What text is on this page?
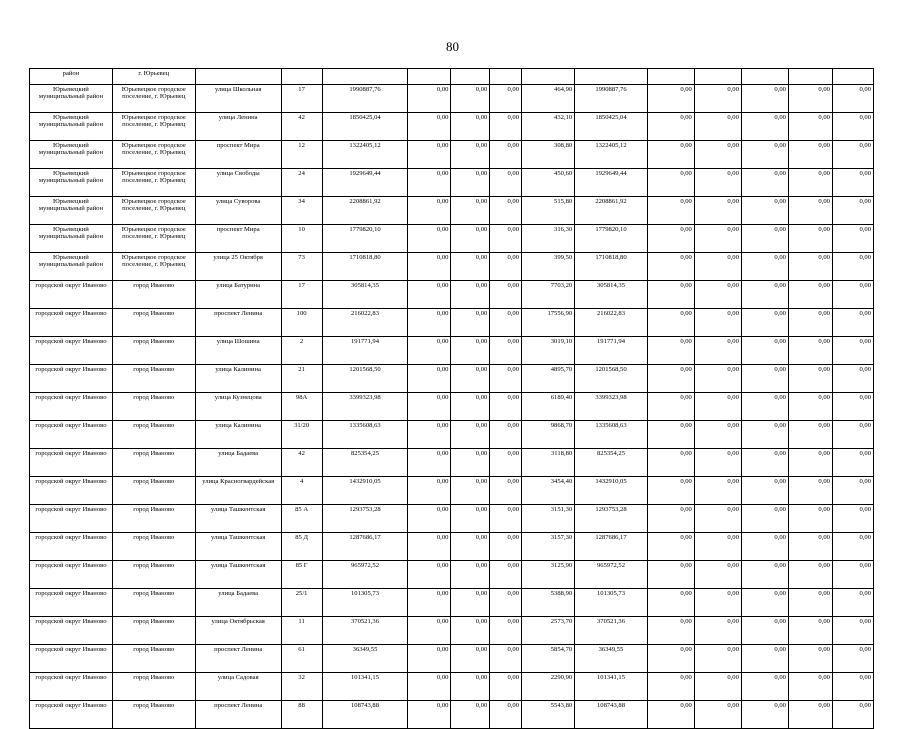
80
район	г. Юрьевец													
Юрьевецкий муниципальный район	Юрьевецкое городское поселение, г. Юрьевец	улица Школьная	17	1990887,76	0,00	0,00	0,00	464,90	1990887,76	0,00	0,00	0,00	0,00	0,00
Юрьевецкий муниципальный район	Юрьевецкое городское поселение, г. Юрьевец	улица Ленина	42	1850425,04	0,00	0,00	0,00	432,10	1850425,04	0,00	0,00	0,00	0,00	0,00
Юрьевецкий муниципальный район	Юрьевецкое городское поселение, г. Юрьевец	проспект Мира	12	1322405,12	0,00	0,00	0,00	308,80	1322405,12	0,00	0,00	0,00	0,00	0,00
Юрьевецкий муниципальный район	Юрьевецкое городское поселение, г. Юрьевец	улица Свободы	24	1929649,44	0,00	0,00	0,00	450,60	1929649,44	0,00	0,00	0,00	0,00	0,00
Юрьевецкий муниципальный район	Юрьевецкое городское поселение, г. Юрьевец	улица Суворова	34	2208861,92	0,00	0,00	0,00	515,80	2208861,92	0,00	0,00	0,00	0,00	0,00
Юрьевецкий муниципальный район	Юрьевецкое городское поселение, г. Юрьевец	проспект Мира	10	1779820,10	0,00	0,00	0,00	316,30	1779820,10	0,00	0,00	0,00	0,00	0,00
Юрьевецкий муниципальный район	Юрьевецкое городское поселение, г. Юрьевец	улица 25 Октября	73	1710818,80	0,00	0,00	0,00	399,50	1710818,80	0,00	0,00	0,00	0,00	0,00
городской округ Иваново	город Иваново	улица Батурина	17	305814,35	0,00	0,00	0,00	7703,20	305814,35	0,00	0,00	0,00	0,00	0,00
городской округ Иваново	город Иваново	проспект Ленина	100	216022,83	0,00	0,00	0,00	17556,90	216022,83	0,00	0,00	0,00	0,00	0,00
городской округ Иваново	город Иваново	улица Шошина	2	191771,94	0,00	0,00	0,00	3019,10	191771,94	0,00	0,00	0,00	0,00	0,00
городской округ Иваново	город Иваново	улица Калинина	21	1201568,50	0,00	0,00	0,00	4895,70	1201568,50	0,00	0,00	0,00	0,00	0,00
городской округ Иваново	город Иваново	улица Кузнецова	98А	3399323,98	0,00	0,00	0,00	6189,40	3399323,98	0,00	0,00	0,00	0,00	0,00
городской округ Иваново	город Иваново	улица Калинина	31/20	1335608,63	0,00	0,00	0,00	9868,70	1335608,63	0,00	0,00	0,00	0,00	0,00
городской округ Иваново	город Иваново	улица Бадаева	42	825354,25	0,00	0,00	0,00	3118,80	825354,25	0,00	0,00	0,00	0,00	0,00
городской округ Иваново	город Иваново	улица Красногвардейская	4	1432910,05	0,00	0,00	0,00	3454,40	1432910,05	0,00	0,00	0,00	0,00	0,00
городской округ Иваново	город Иваново	улица Ташкентская	85 А	1293753,28	0,00	0,00	0,00	3151,30	1293753,28	0,00	0,00	0,00	0,00	0,00
городской округ Иваново	город Иваново	улица Ташкентская	85 Д	1287686,17	0,00	0,00	0,00	3157,30	1287686,17	0,00	0,00	0,00	0,00	0,00
городской округ Иваново	город Иваново	улица Ташкентская	85 Г	965972,52	0,00	0,00	0,00	3125,90	965972,52	0,00	0,00	0,00	0,00	0,00
городской округ Иваново	город Иваново	улица Бадаева	25/1	101305,73	0,00	0,00	0,00	5388,90	101305,73	0,00	0,00	0,00	0,00	0,00
городской округ Иваново	город Иваново	улица Октябрьская	11	370521,36	0,00	0,00	0,00	2573,70	370521,36	0,00	0,00	0,00	0,00	0,00
городской округ Иваново	город Иваново	проспект Ленина	61	36349,55	0,00	0,00	0,00	5854,70	36349,55	0,00	0,00	0,00	0,00	0,00
городской округ Иваново	город Иваново	улица Садовая	32	101341,15	0,00	0,00	0,00	2290,90	101341,15	0,00	0,00	0,00	0,00	0,00
городской округ Иваново	город Иваново	проспект Ленина	88	108743,88	0,00	0,00	0,00	5543,80	108743,88	0,00	0,00	0,00	0,00	0,00
